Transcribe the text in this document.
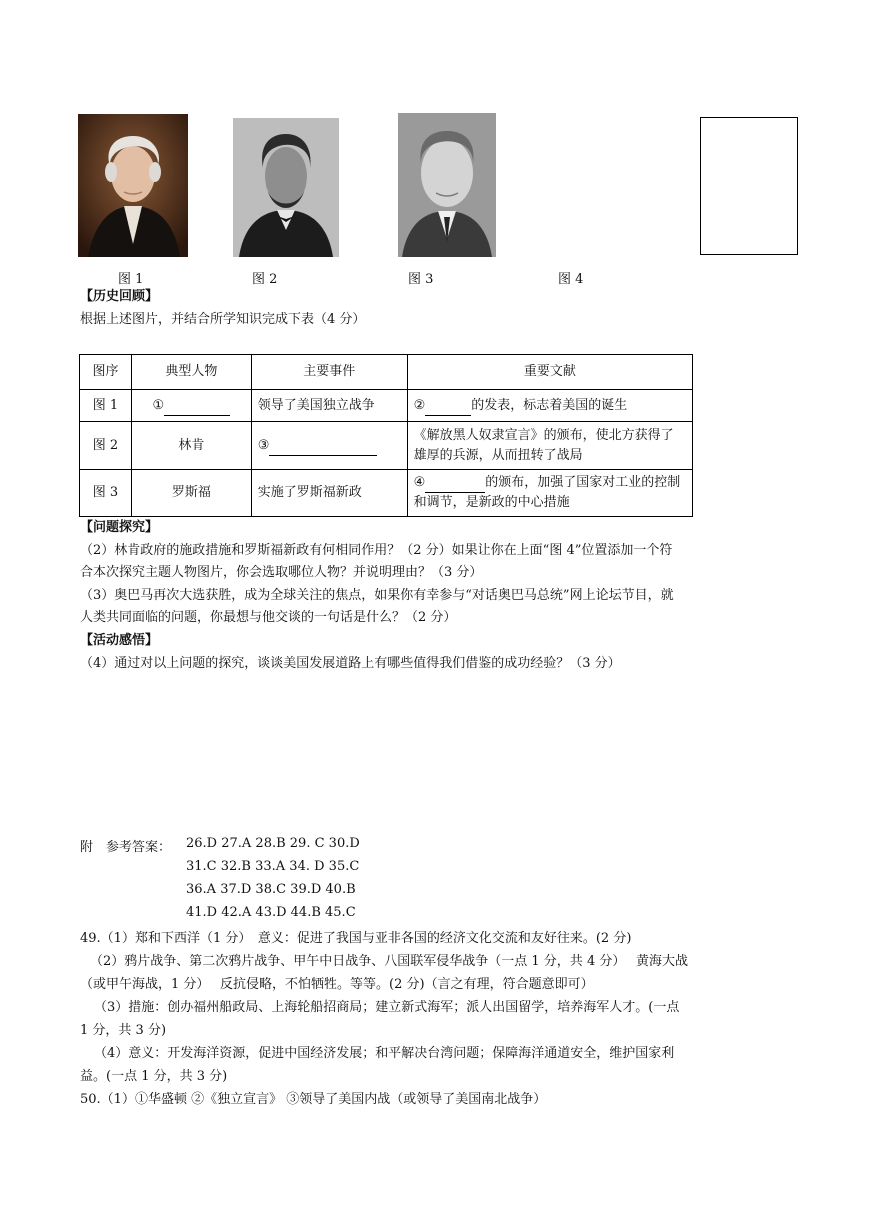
图 1	图 2	图 3	图 4
【历史回顾】
根据上述图片，并结合所学知识完成下表（4 分）
图序	典型人物	主要事件	重要文献
图 1	①	领导了美国独立战争	② 的发表，标志着美国的诞生
图 2	林肯	③	《解放黑人奴隶宣言》的颁布，使北方获得了雄厚的兵源，从而扭转了战局
图 3	罗斯福	实施了罗斯福新政	④ 的颁布，加强了国家对工业的控制和调节，是新政的中心措施
【问题探究】
（2）林肯政府的施政措施和罗斯福新政有何相同作用？（2 分）如果让你在上面“图 4”位置添加一个符
合本次探究主题人物图片，你会选取哪位人物？并说明理由？（3 分）
（3）奥巴马再次大选获胜，成为全球关注的焦点，如果你有幸参与“对话奥巴马总统”网上论坛节目，就
人类共同面临的问题，你最想与他交谈的一句话是什么？（2 分）
【活动感悟】
（4）通过对以上问题的探究，谈谈美国发展道路上有哪些值得我们借鉴的成功经验？（3 分）
附　参考答案： 26.D 27.A 28.B 29. C 30.D
31.C 32.B 33.A 34. D 35.C
36.A 37.D 38.C 39.D 40.B
41.D 42.A 43.D 44.B 45.C
49.（1）郑和下西洋（1 分）　意义：促进了我国与亚非各国的经济文化交流和友好往来。(2 分)
（2）鸦片战争、第二次鸦片战争、甲午中日战争、八国联军侵华战争（一点 1 分，共 4 分）　 黄海大战
（或甲午海战，1 分）　 反抗侵略，不怕牺牲。等等。(2 分)（言之有理，符合题意即可）
（3）措施：创办福州船政局、上海轮船招商局；建立新式海军；派人出国留学，培养海军人才。(一点
1 分，共 3 分)
（4）意义：开发海洋资源，促进中国经济发展；和平解决台湾问题；保障海洋通道安全，维护国家利
益。(一点 1 分，共 3 分)
50.（1）①华盛顿 ②《独立宣言》 ③领导了美国内战（或领导了美国南北战争）
